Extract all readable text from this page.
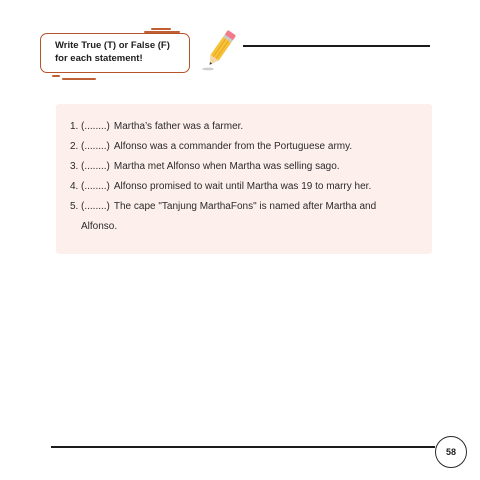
Write True (T) or False (F)

for each statement!

1. (........) Martha’s father was a farmer.
2. (........) Alfonso was a commander from the Portuguese army.
3. (........) Martha met Alfonso when Martha was selling sago.
4. (........) Alfonso promised to wait until Martha was 19 to marry her.
5. (........) The cape "Tanjung MarthaFons" is named after Martha and
Alfonso.
58
